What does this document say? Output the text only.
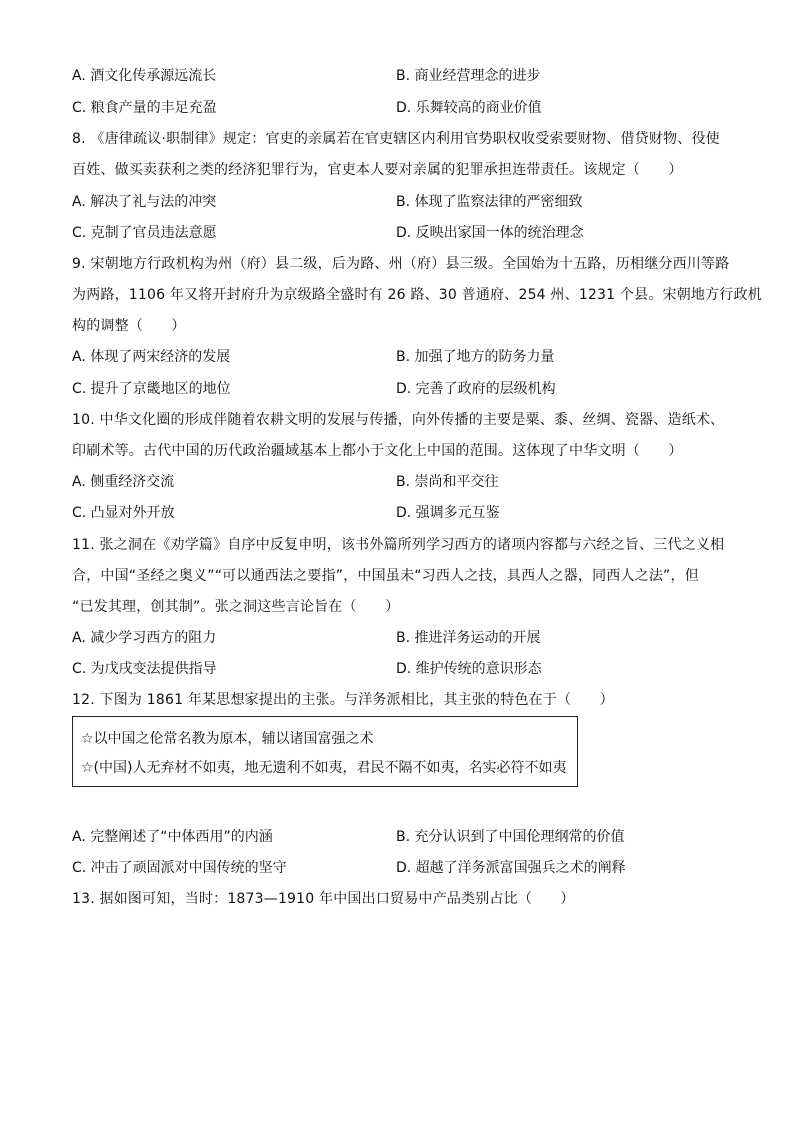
A. 酒文化传承源远流长	B. 商业经营理念的进步
C. 粮食产量的丰足充盈	D. 乐舞较高的商业价值
8. 《唐律疏议·职制律》规定：官吏的亲属若在官吏辖区内利用官势职权收受索要财物、借贷财物、役使
百姓、做买卖获利之类的经济犯罪行为，官吏本人要对亲属的犯罪承担连带责任。该规定（　　）
A. 解决了礼与法的冲突	B. 体现了监察法律的严密细致
C. 克制了官员违法意愿	D. 反映出家国一体的统治理念
9. 宋朝地方行政机构为州（府）县二级，后为路、州（府）县三级。全国始为十五路，历相继分西川等路
为两路，1106 年又将开封府升为京级路全盛时有 26 路、30 普通府、254 州、1231 个县。宋朝地方行政机
构的调整（　　）
A. 体现了两宋经济的发展	B. 加强了地方的防务力量
C. 提升了京畿地区的地位	D. 完善了政府的层级机构
10. 中华文化圈的形成伴随着农耕文明的发展与传播，向外传播的主要是粟、黍、丝绸、瓷器、造纸术、
印刷术等。古代中国的历代政治疆域基本上都小于文化上中国的范围。这体现了中华文明（　　）
A. 侧重经济交流	B. 崇尚和平交往
C. 凸显对外开放	D. 强调多元互鉴
11. 张之洞在《劝学篇》自序中反复申明，该书外篇所列学习西方的诸项内容都与六经之旨、三代之义相
合，中国“圣经之奥义”“可以通西法之要指”，中国虽未“习西人之技，具西人之器，同西人之法”，但
“已发其理，创其制”。张之洞这些言论旨在（　　）
A. 减少学习西方的阻力	B. 推进洋务运动的开展
C. 为戊戌变法提供指导	D. 维护传统的意识形态
12. 下图为 1861 年某思想家提出的主张。与洋务派相比，其主张的特色在于（　　）
☆以中国之伦常名教为原本，辅以诸国富强之术
☆(中国)人无弃材不如夷，地无遗利不如夷，君民不隔不如夷，名实必符不如夷
A. 完整阐述了“中体西用”的内涵	B. 充分认识到了中国伦理纲常的价值
C. 冲击了顽固派对中国传统的坚守	D. 超越了洋务派富国强兵之术的阐释
13. 据如图可知，当时：1873—1910 年中国出口贸易中产品类别占比（　　）
